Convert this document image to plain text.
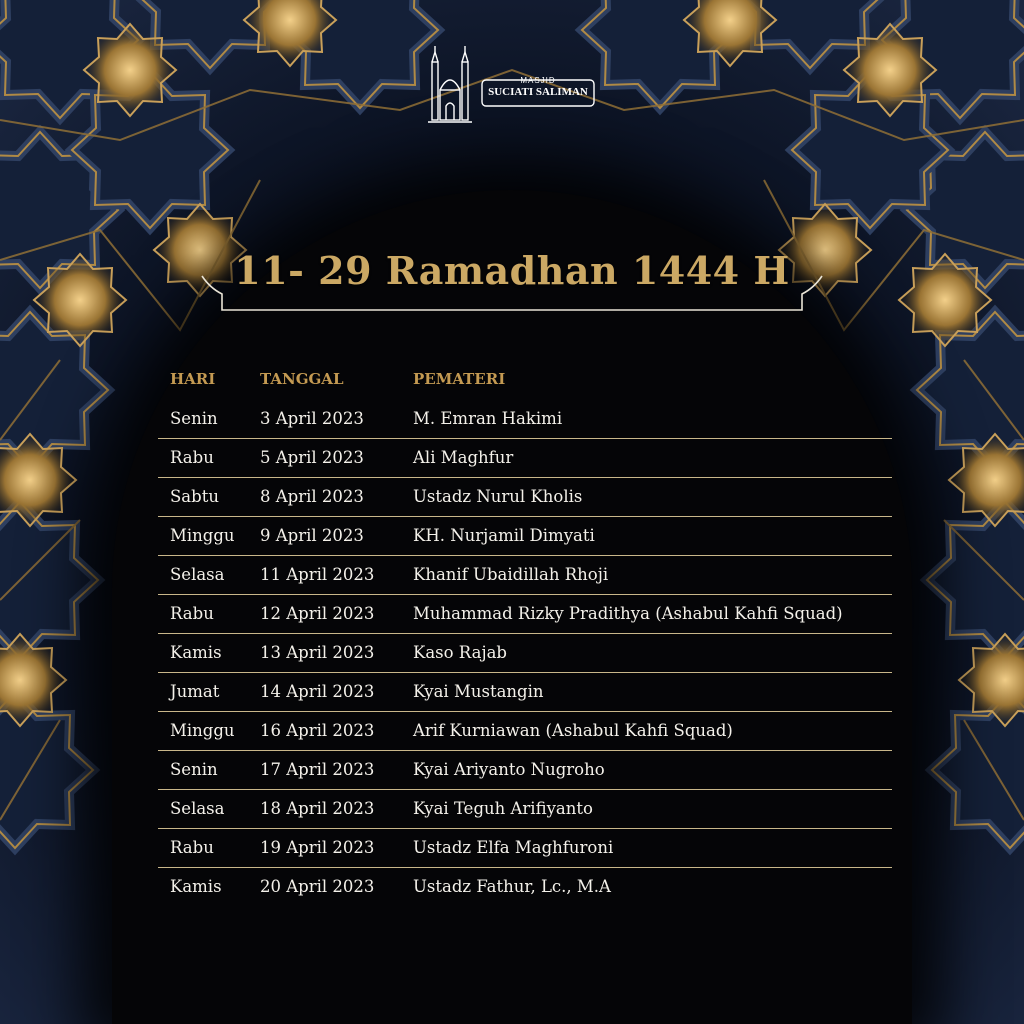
MASJID
SUCIATI SALIMAN
11- 29 Ramadhan 1444 H
HARI	TANGGAL	PEMATERI
Senin	3 April 2023	M. Emran Hakimi
Rabu	5 April 2023	Ali Maghfur
Sabtu 8 April 2023	Ustadz Nurul Kholis
Minggu 9 April 2023	KH. Nurjamil Dimyati
Selasa 11 April 2023 Khanif Ubaidillah Rhoji
Rabu	12 April 2023 Muhammad Rizky Pradithya (Ashabul Kahfi Squad)
Kamis 13 April 2023 Kaso Rajab
Jumat 14 April 2023 Kyai Mustangin
Minggu 16 April 2023 Arif Kurniawan (Ashabul Kahfi Squad)
Senin	17 April 2023 Kyai Ariyanto Nugroho
Selasa 18 April 2023 Kyai Teguh Arifiyanto
Rabu	19 April 2023 Ustadz Elfa Maghfuroni
Kamis 20 April 2023 Ustadz Fathur, Lc., M.A
